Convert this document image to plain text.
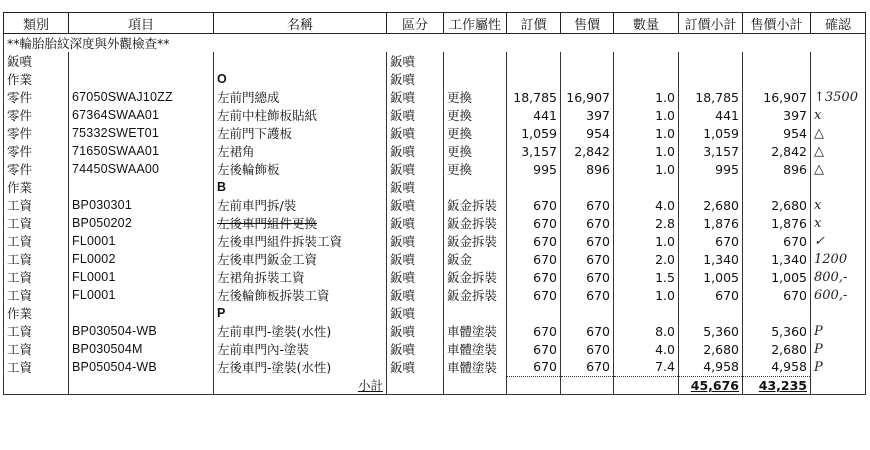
類別	項目	名稱	區分	工作屬性	訂價	售價	數量	訂價小計	售價小計	確認
**輪胎胎紋深度與外觀檢查**										
鈑噴			鈑噴							
作業		O	鈑噴							
零件	67050SWAJ10ZZ	左前門總成	鈑噴	更換	18,785	16,907	1.0	18,785	16,907	↑3500
零件	67364SWAA01	左前中柱飾板貼紙	鈑噴	更換	441	397	1.0	441	397	x
零件	75332SWET01	左前門下護板	鈑噴	更換	1,059	954	1.0	1,059	954	△
零件	71650SWAA01	左裙角	鈑噴	更換	3,157	2,842	1.0	3,157	2,842	△
零件	74450SWAA00	左後輪飾板	鈑噴	更換	995	896	1.0	995	896	△
作業		B	鈑噴							
工資	BP030301	左前車門拆/裝	鈑噴	鈑金拆裝	670	670	4.0	2,680	2,680	x
工資	BP050202	左後車門組件更換	鈑噴	鈑金拆裝	670	670	2.8	1,876	1,876	x
工資	FL0001	左後車門組件拆裝工資	鈑噴	鈑金拆裝	670	670	1.0	670	670	✓
工資	FL0002	左後車門鈑金工資	鈑噴	鈑金	670	670	2.0	1,340	1,340	1200
工資	FL0001	左裙角拆裝工資	鈑噴	鈑金拆裝	670	670	1.5	1,005	1,005	800,-
工資	FL0001	左後輪飾板拆裝工資	鈑噴	鈑金拆裝	670	670	1.0	670	670	600,-
作業		P	鈑噴							
工資	BP030504-WB	左前車門-塗裝(水性)	鈑噴	車體塗裝	670	670	8.0	5,360	5,360	P
工資	BP030504M	左前車門內-塗裝	鈑噴	車體塗裝	670	670	4.0	2,680	2,680	P
工資	BP050504-WB	左後車門-塗裝(水性)	鈑噴	車體塗裝	670	670	7.4	4,958	4,958	P
		小計						45,676	43,235	
